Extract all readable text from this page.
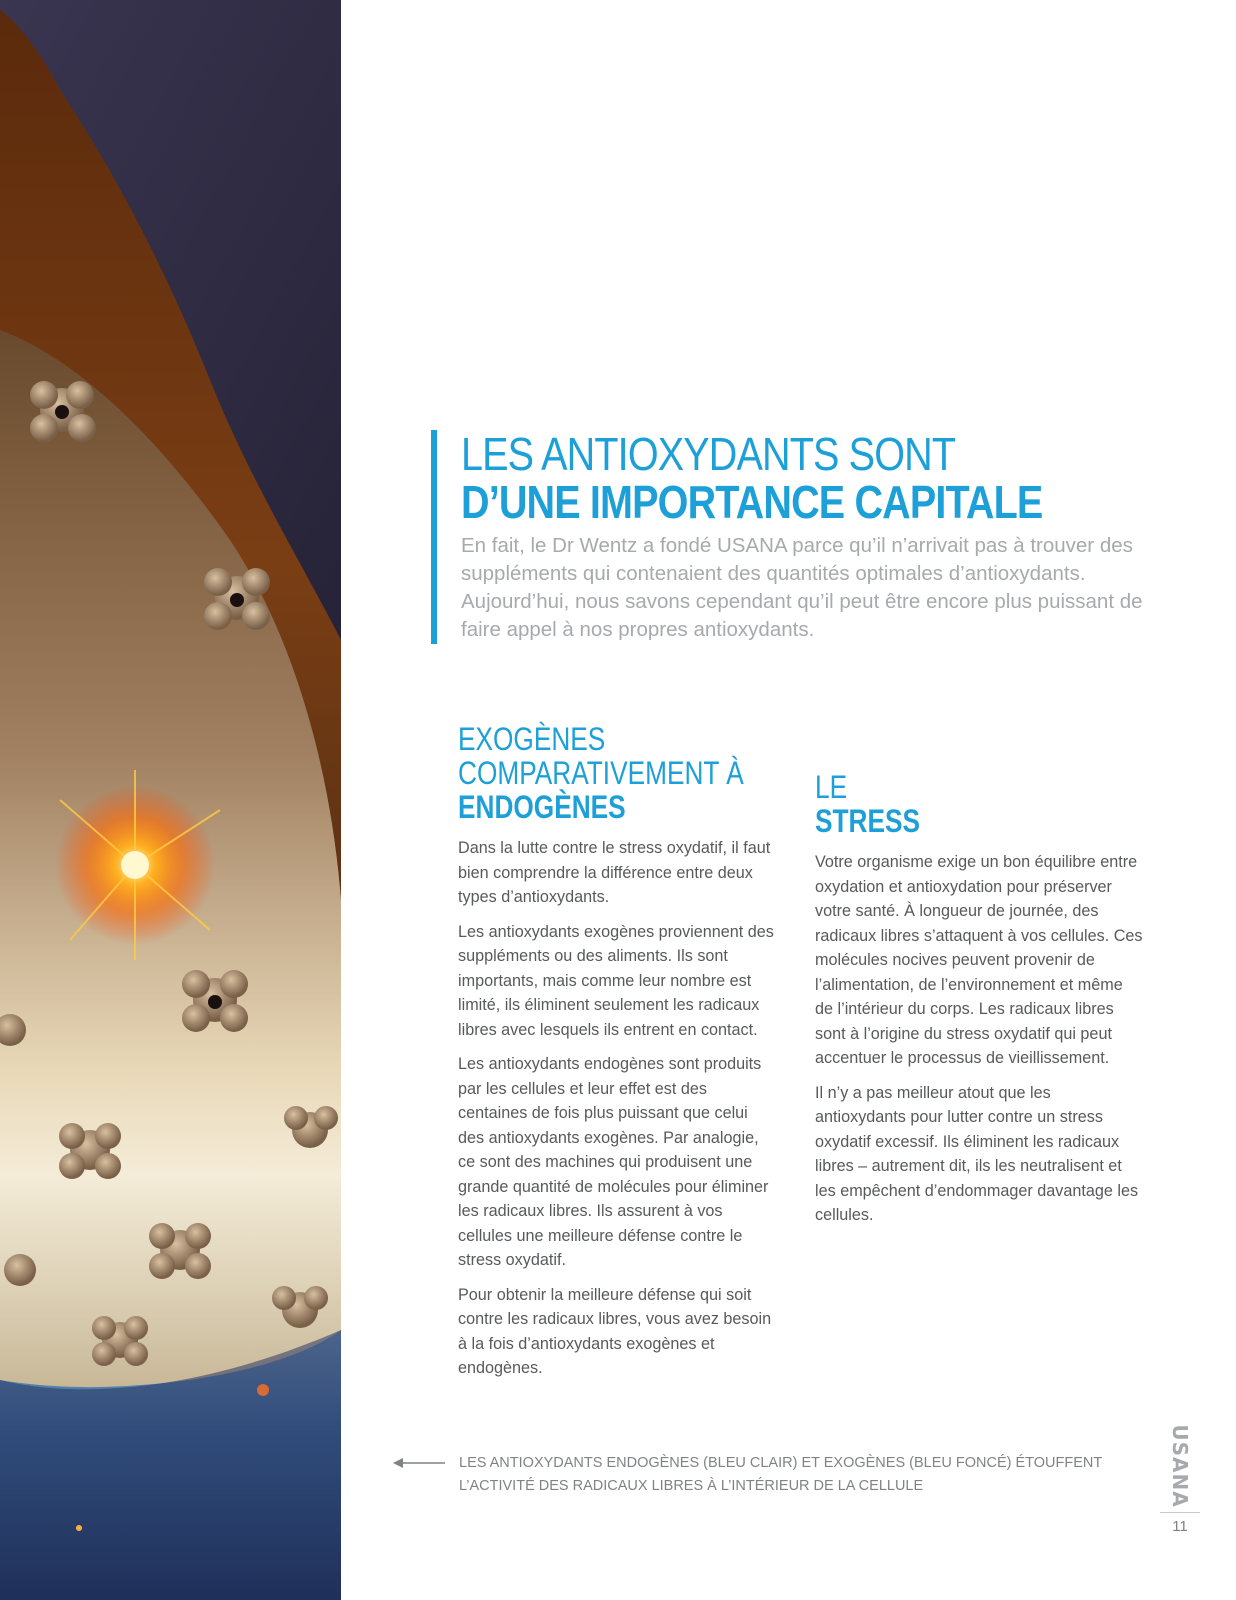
LES ANTIOXYDANTS SONT
D’UNE IMPORTANCE CAPITALE
En fait, le Dr Wentz a fondé USANA parce qu’il n’arrivait pas à trouver des suppléments qui contenaient des quantités optimales d’antioxydants. Aujourd’hui, nous savons cependant qu’il peut être encore plus puissant de faire appel à nos propres antioxydants.
EXOGÈNES
COMPARATIVEMENT À
ENDOGÈNES

Dans la lutte contre le stress oxydatif, il faut bien comprendre la différence entre deux types d’antioxydants.

Les antioxydants exogènes proviennent des suppléments ou des aliments. Ils sont importants, mais comme leur nombre est limité, ils éliminent seulement les radicaux libres avec lesquels ils entrent en contact.

Les antioxydants endogènes sont produits par les cellules et leur effet est des centaines de fois plus puissant que celui des antioxydants exogènes. Par analogie, ce sont des machines qui produisent une grande quantité de molécules pour éliminer les radicaux libres. Ils assurent à vos cellules une meilleure défense contre le stress oxydatif.

Pour obtenir la meilleure défense qui soit contre les radicaux libres, vous avez besoin à la fois d’antioxydants exogènes et endogènes.

LE
STRESS

Votre organisme exige un bon équilibre entre oxydation et antioxydation pour préserver votre santé. À longueur de journée, des radicaux libres s’attaquent à vos cellules. Ces molécules nocives peuvent provenir de l’alimentation, de l’environnement et même de l’intérieur du corps. Les radicaux libres sont à l’origine du stress oxydatif qui peut accentuer le processus de vieillissement.

Il n’y a pas meilleur atout que les antioxydants pour lutter contre un stress oxydatif excessif. Ils éliminent les radicaux libres – autrement dit, ils les neutralisent et les empêchent d’endommager davantage les cellules.

LES ANTIOXYDANTS ENDOGÈNES (BLEU CLAIR) ET EXOGÈNES (BLEU FONCÉ) ÉTOUFFENT
L’ACTIVITÉ DES RADICAUX LIBRES À L’INTÉRIEUR DE LA CELLULE	USANA
11
